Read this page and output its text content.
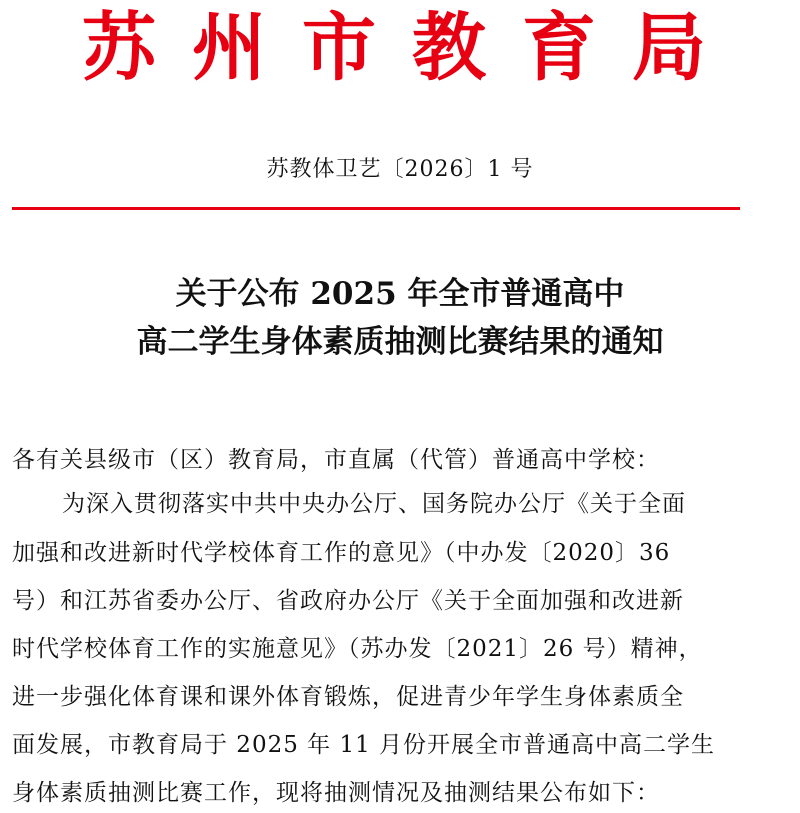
苏州市教育局
苏教体卫艺〔2026〕1 号
关于公布 2025 年全市普通高中
高二学生身体素质抽测比赛结果的通知
各有关县级市（区）教育局，市直属（代管）普通高中学校：
为深入贯彻落实中共中央办公厅、国务院办公厅《关于全面
加强和改进新时代学校体育工作的意见》（中办发〔2020〕36
号）和江苏省委办公厅、省政府办公厅《关于全面加强和改进新
时代学校体育工作的实施意见》（苏办发〔2021〕26 号）精神，
进一步强化体育课和课外体育锻炼，促进青少年学生身体素质全
面发展，市教育局于 2025 年 11 月份开展全市普通高中高二学生
身体素质抽测比赛工作，现将抽测情况及抽测结果公布如下：
